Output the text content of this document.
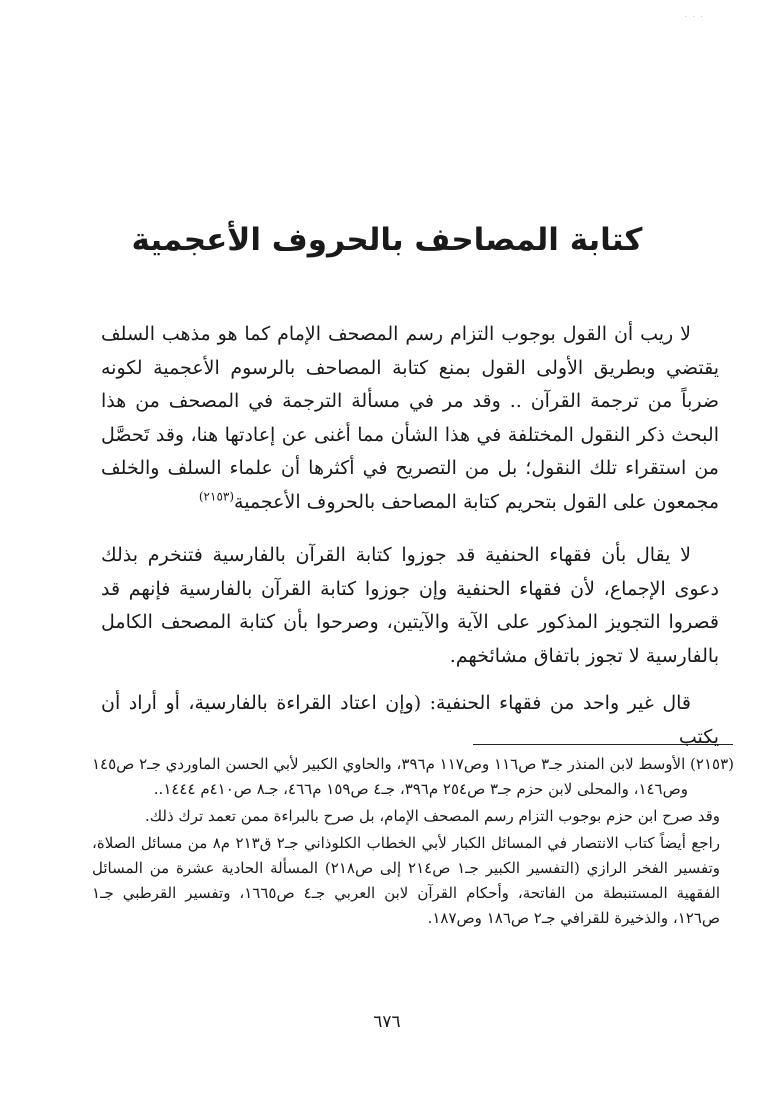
· · ·
كتابة المصاحف بالحروف الأعجمية

لا ريب أن القول بوجوب التزام رسم المصحف الإمام كما هو مذهب السلف يقتضي وبطريق الأولى القول بمنع كتابة المصاحف بالرسوم الأعجمية لكونه ضرباً من ترجمة القرآن .. وقد مر في مسألة الترجمة في المصحف من هذا البحث ذكر النقول المختلفة في هذا الشأن مما أغنى عن إعادتها هنا، وقد تَحصَّل من استقراء تلك النقول؛ بل من التصريح في أكثرها أن علماء السلف والخلف مجمعون على القول بتحريم كتابة المصاحف بالحروف الأعجمية$^{(٢١٥٣)}$

لا يقال بأن فقهاء الحنفية قد جوزوا كتابة القرآن بالفارسية فتنخرم بذلك دعوى الإجماع، لأن فقهاء الحنفية وإن جوزوا كتابة القرآن بالفارسية فإنهم قد قصروا التجويز المذكور على الآية والآيتين، وصرحوا بأن كتابة المصحف الكامل بالفارسية لا تجوز باتفاق مشائخهم.

قال غير واحد من فقهاء الحنفية: (وإن اعتاد القراءة بالفارسية، أو أراد أن يكتب

(٢١٥٣) الأوسط لابن المنذر جـ٣ ص١١٦ وص١١٧ م٣٩٦، والحاوي الكبير لأبي الحسن الماوردي جـ٢ ص١٤٥ وص١٤٦، والمحلى لابن حزم جـ٣ ص٢٥٤ م٣٩٦، جـ٤ ص١٥٩ م٤٦٦، جـ٨ ص٤١٠م ١٤٤٤..

وقد صرح ابن حزم بوجوب التزام رسم المصحف الإمام، بل صرح بالبراءة ممن تعمد ترك ذلك.

راجع أيضاً كتاب الانتصار في المسائل الكبار لأبي الخطاب الكلوذاني جـ٢ ق٢١٣ م٨ من مسائل الصلاة، وتفسير الفخر الرازي (التفسير الكبير جـ١ ص٢١٤ إلى ص٢١٨) المسألة الحادية عشرة من المسائل الفقهية المستنبطة من الفاتحة، وأحكام القرآن لابن العربي جـ٤ ص١٦٦٥، وتفسير القرطبي جـ١ ص١٢٦، والذخيرة للقرافي جـ٢ ص١٨٦ وص١٨٧.

٦٧٦
